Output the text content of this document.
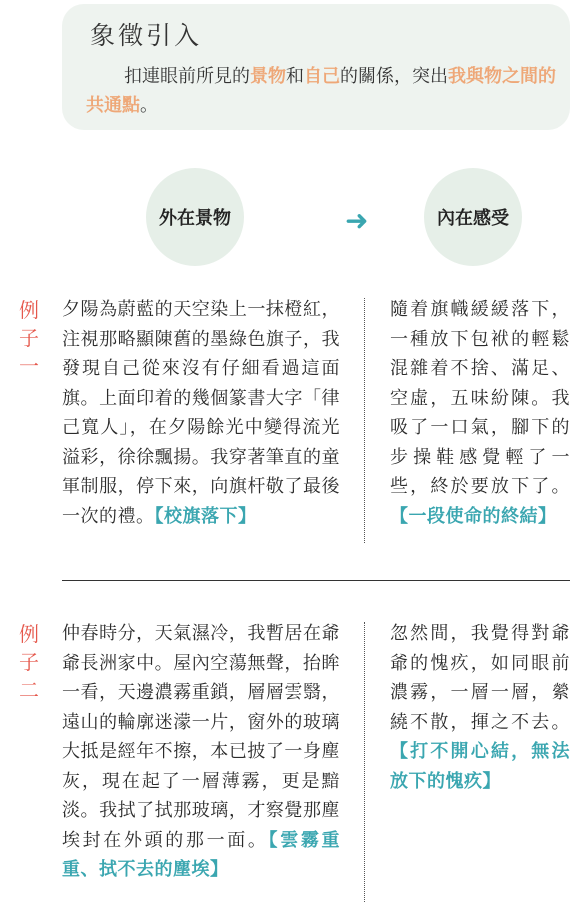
象徵引入
扣連眼前所見的景物和自己的關係，突出我與物之間的共通點。
外在景物	➜	內在感受
例
子
一
夕陽為蔚藍的天空染上一抹橙紅，注視那略顯陳舊的墨綠色旗子，我發現自己從來沒有仔細看過這面旗。上面印着的幾個篆書大字「律己寬人」，在夕陽餘光中變得流光溢彩，徐徐飄揚。我穿著筆直的童軍制服，停下來，向旗杆敬了最後一次的禮。【校旗落下】
隨着旗幟緩緩落下，一種放下包袱的輕鬆混雜着不捨、滿足、空虛，五味紛陳。我吸了一口氣，腳下的步操鞋感覺輕了一些，終於要放下了。【一段使命的終結】
例
子
二
仲春時分，天氣濕冷，我暫居在爺爺長洲家中。屋內空蕩無聲，抬眸一看，天邊濃霧重鎖，層層雲翳，遠山的輪廓迷濛一片，窗外的玻璃大抵是經年不擦，本已披了一身塵灰，現在起了一層薄霧，更是黯淡。我拭了拭那玻璃，才察覺那塵埃封在外頭的那一面。【雲霧重重、拭不去的塵埃】
忽然間，我覺得對爺爺的愧疚，如同眼前濃霧，一層一層，縈繞不散，揮之不去。【打不開心結，無法放下的愧疚】
